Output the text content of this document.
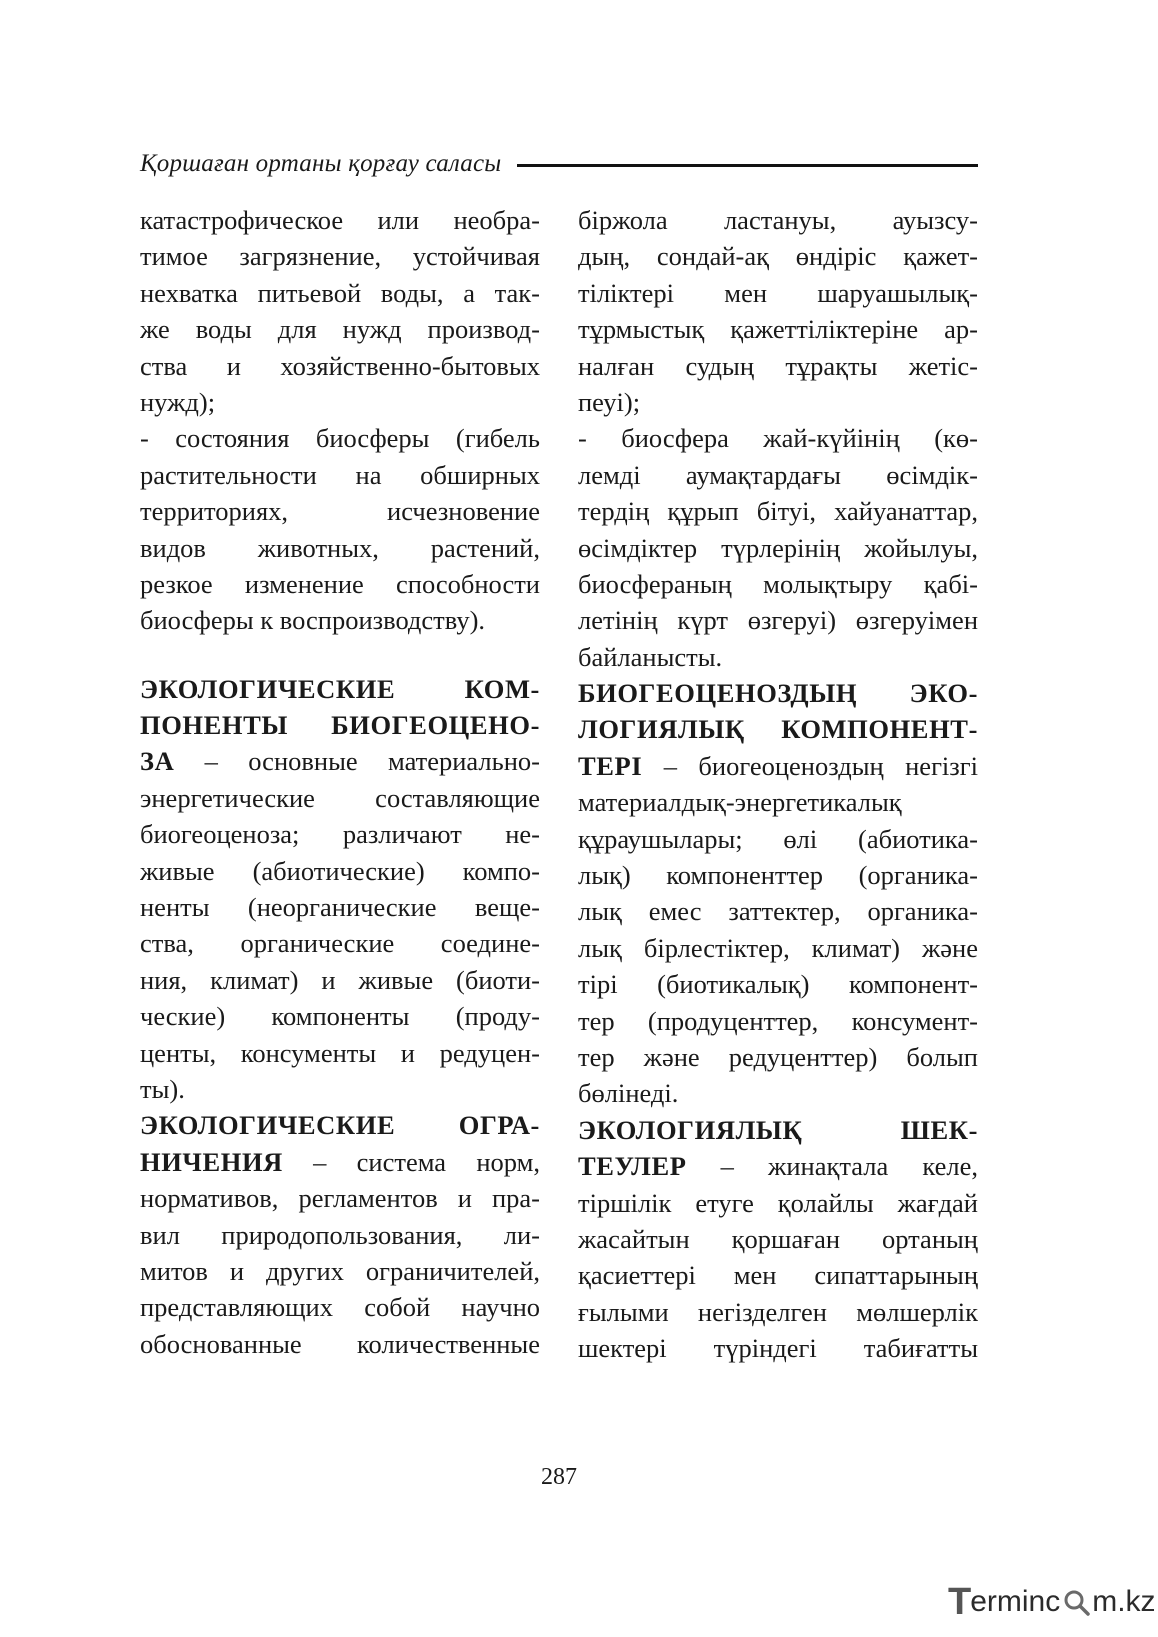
Қоршаған ортаны қорғау саласы
катастрофическое или необра-
тимое загрязнение, устойчивая
нехватка питьевой воды, а так-
же воды для нужд производ-
ства и хозяйственно-бытовых
нужд);
- состояния биосферы (гибель
растительности на обширных
территориях, исчезновение
видов животных, растений,
резкое изменение способности
биосферы к воспроизводству).
ЭКОЛОГИЧЕСКИЕ КОМ-
ПОНЕНТЫ БИОГЕОЦЕНО-
ЗА – основные материально-
энергетические составляющие
биогеоценоза; различают не-
живые (абиотические) компо-
ненты (неорганические веще-
ства, органические соедине-
ния, климат) и живые (биоти-
ческие) компоненты (проду-
центы, консументы и редуцен-
ты).
ЭКОЛОГИЧЕСКИЕ ОГРА-
НИЧЕНИЯ – система норм,
нормативов, регламентов и пра-
вил природопользования, ли-
митов и других ограничителей,
представляющих собой научно
обоснованные количественные
біржола ластануы, ауызсу-
дың, сондай-ақ өндіріс қажет-
тіліктері мен шаруашылық-
тұрмыстық қажеттіліктеріне ар-
налған судың тұрақты жетіс-
пеуі);
- биосфера жай-күйінің (кө-
лемді аумақтардағы өсімдік-
тердің құрып бітуі, хайуанаттар,
өсімдіктер түрлерінің жойылуы,
биосфераның молықтыру қабі-
летінің күрт өзгеруі) өзгеруімен
байланысты.
БИОГЕОЦЕНОЗДЫҢ ЭКО-
ЛОГИЯЛЫҚ КОМПОНЕНТ-
ТЕРІ – биогеоценоздың негізгі
материалдық-энергетикалық
құраушылары; өлі (абиотика-
лық) компоненттер (органика-
лық емес заттектер, органика-
лық бірлестіктер, климат) және
тірі (биотикалық) компонент-
тер (продуценттер, консумент-
тер және редуценттер) болып
бөлінеді.
ЭКОЛОГИЯЛЫҚ ШЕК-
ТЕУЛЕР – жинақтала келе,
тіршілік етуге қолайлы жағдай
жасайтын қоршаған ортаның
қасиеттері мен сипаттарының
ғылыми негізделген мөлшерлік
шектері түріндегі табиғатты
287
T erminc m.kz
